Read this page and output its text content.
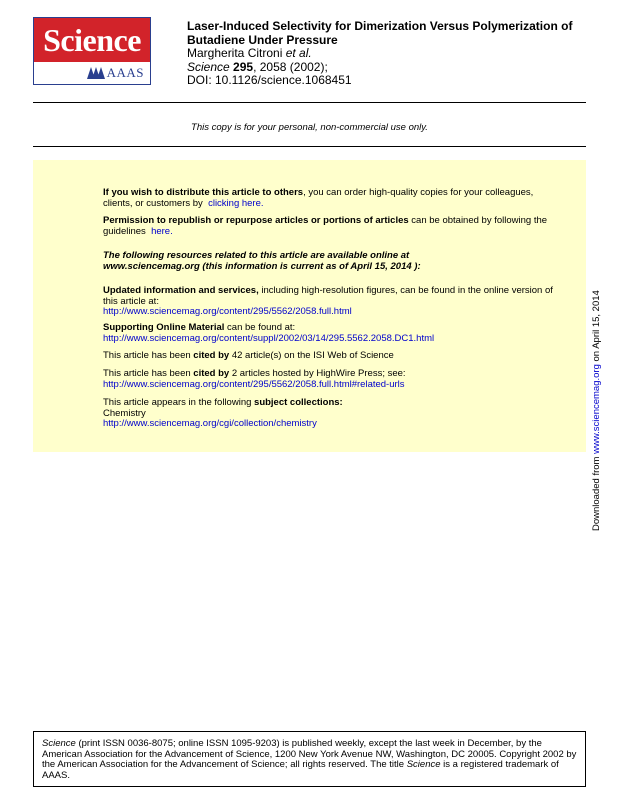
Science
AAAS
Laser-Induced Selectivity for Dimerization Versus Polymerization of
Butadiene Under Pressure
Margherita Citroni et al.
Science 295, 2058 (2002);
DOI: 10.1126/science.1068451
This copy is for your personal, non-commercial use only.
If you wish to distribute this article to others, you can order high-quality copies for your colleagues, clients, or customers by clicking here.
Permission to republish or repurpose articles or portions of articles can be obtained by following the guidelines here.
The following resources related to this article are available online at
www.sciencemag.org (this information is current as of April 15, 2014 ):
Updated information and services, including high-resolution figures, can be found in the online version of this article at:
http://www.sciencemag.org/content/295/5562/2058.full.html
Supporting Online Material can be found at:
http://www.sciencemag.org/content/suppl/2002/03/14/295.5562.2058.DC1.html
This article has been cited by 42 article(s) on the ISI Web of Science
This article has been cited by 2 articles hosted by HighWire Press; see:
http://www.sciencemag.org/content/295/5562/2058.full.html#related-urls
This article appears in the following subject collections:
Chemistry
http://www.sciencemag.org/cgi/collection/chemistry
Downloaded from www.sciencemag.org on April 15, 2014
Science (print ISSN 0036-8075; online ISSN 1095-9203) is published weekly, except the last week in December, by the American Association for the Advancement of Science, 1200 New York Avenue NW, Washington, DC 20005. Copyright 2002 by the American Association for the Advancement of Science; all rights reserved. The title Science is a registered trademark of AAAS.
